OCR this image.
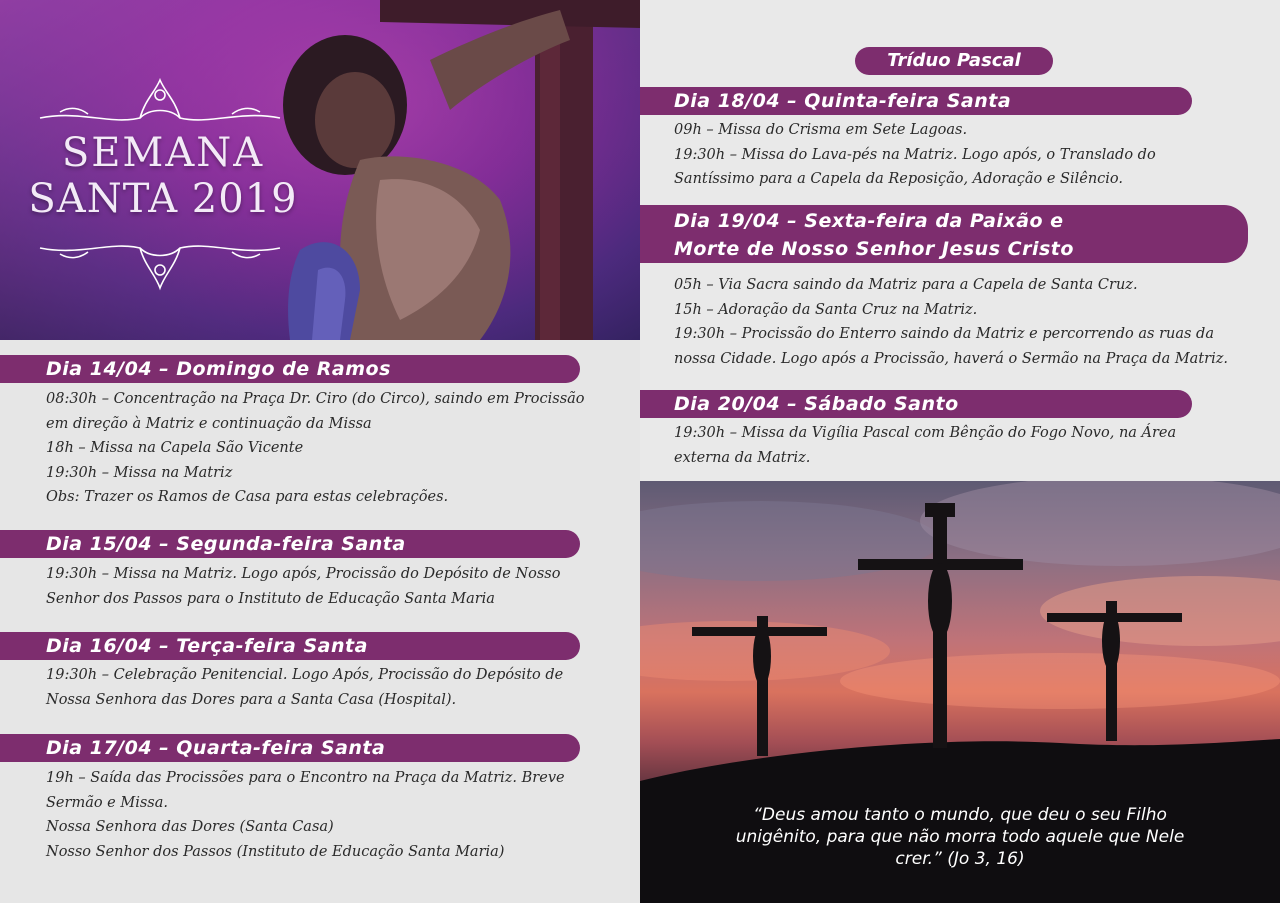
SEMANA
SANTA 2019
Dia 14/04 – Domingo de Ramos
08:30h – Concentração na Praça Dr. Ciro (do Circo), saindo em Procissão
em direção à Matriz e continuação da Missa
18h – Missa na Capela São Vicente
19:30h – Missa na Matriz
Obs: Trazer os Ramos de Casa para estas celebrações.
Dia 15/04 – Segunda-feira Santa
19:30h – Missa na Matriz. Logo após, Procissão do Depósito de Nosso
Senhor dos Passos para o Instituto de Educação Santa Maria
Dia 16/04 – Terça-feira Santa
19:30h – Celebração Penitencial. Logo Após, Procissão do Depósito de
Nossa Senhora das Dores para a Santa Casa (Hospital).
Dia 17/04 – Quarta-feira Santa
19h – Saída das Procissões para o Encontro na Praça da Matriz. Breve
Sermão e Missa.
Nossa Senhora das Dores (Santa Casa)
Nosso Senhor dos Passos (Instituto de Educação Santa Maria)
Tríduo Pascal
Dia 18/04 – Quinta-feira Santa
09h – Missa do Crisma em Sete Lagoas.
19:30h – Missa do Lava-pés na Matriz. Logo após, o Translado do
Santíssimo para a Capela da Reposição, Adoração e Silêncio.
Dia 19/04 – Sexta-feira da Paixão e
Morte de Nosso Senhor Jesus Cristo
05h – Via Sacra saindo da Matriz para a Capela de Santa Cruz.
15h – Adoração da Santa Cruz na Matriz.
19:30h – Procissão do Enterro saindo da Matriz e percorrendo as ruas da
nossa Cidade. Logo após a Procissão, haverá o Sermão na Praça da Matriz.
Dia 20/04 – Sábado Santo
19:30h – Missa da Vigília Pascal com Bênção do Fogo Novo, na Área
externa da Matriz.
“Deus amou tanto o mundo, que deu o seu Filho
unigênito, para que não morra todo aquele que Nele
crer.” (Jo 3, 16)
